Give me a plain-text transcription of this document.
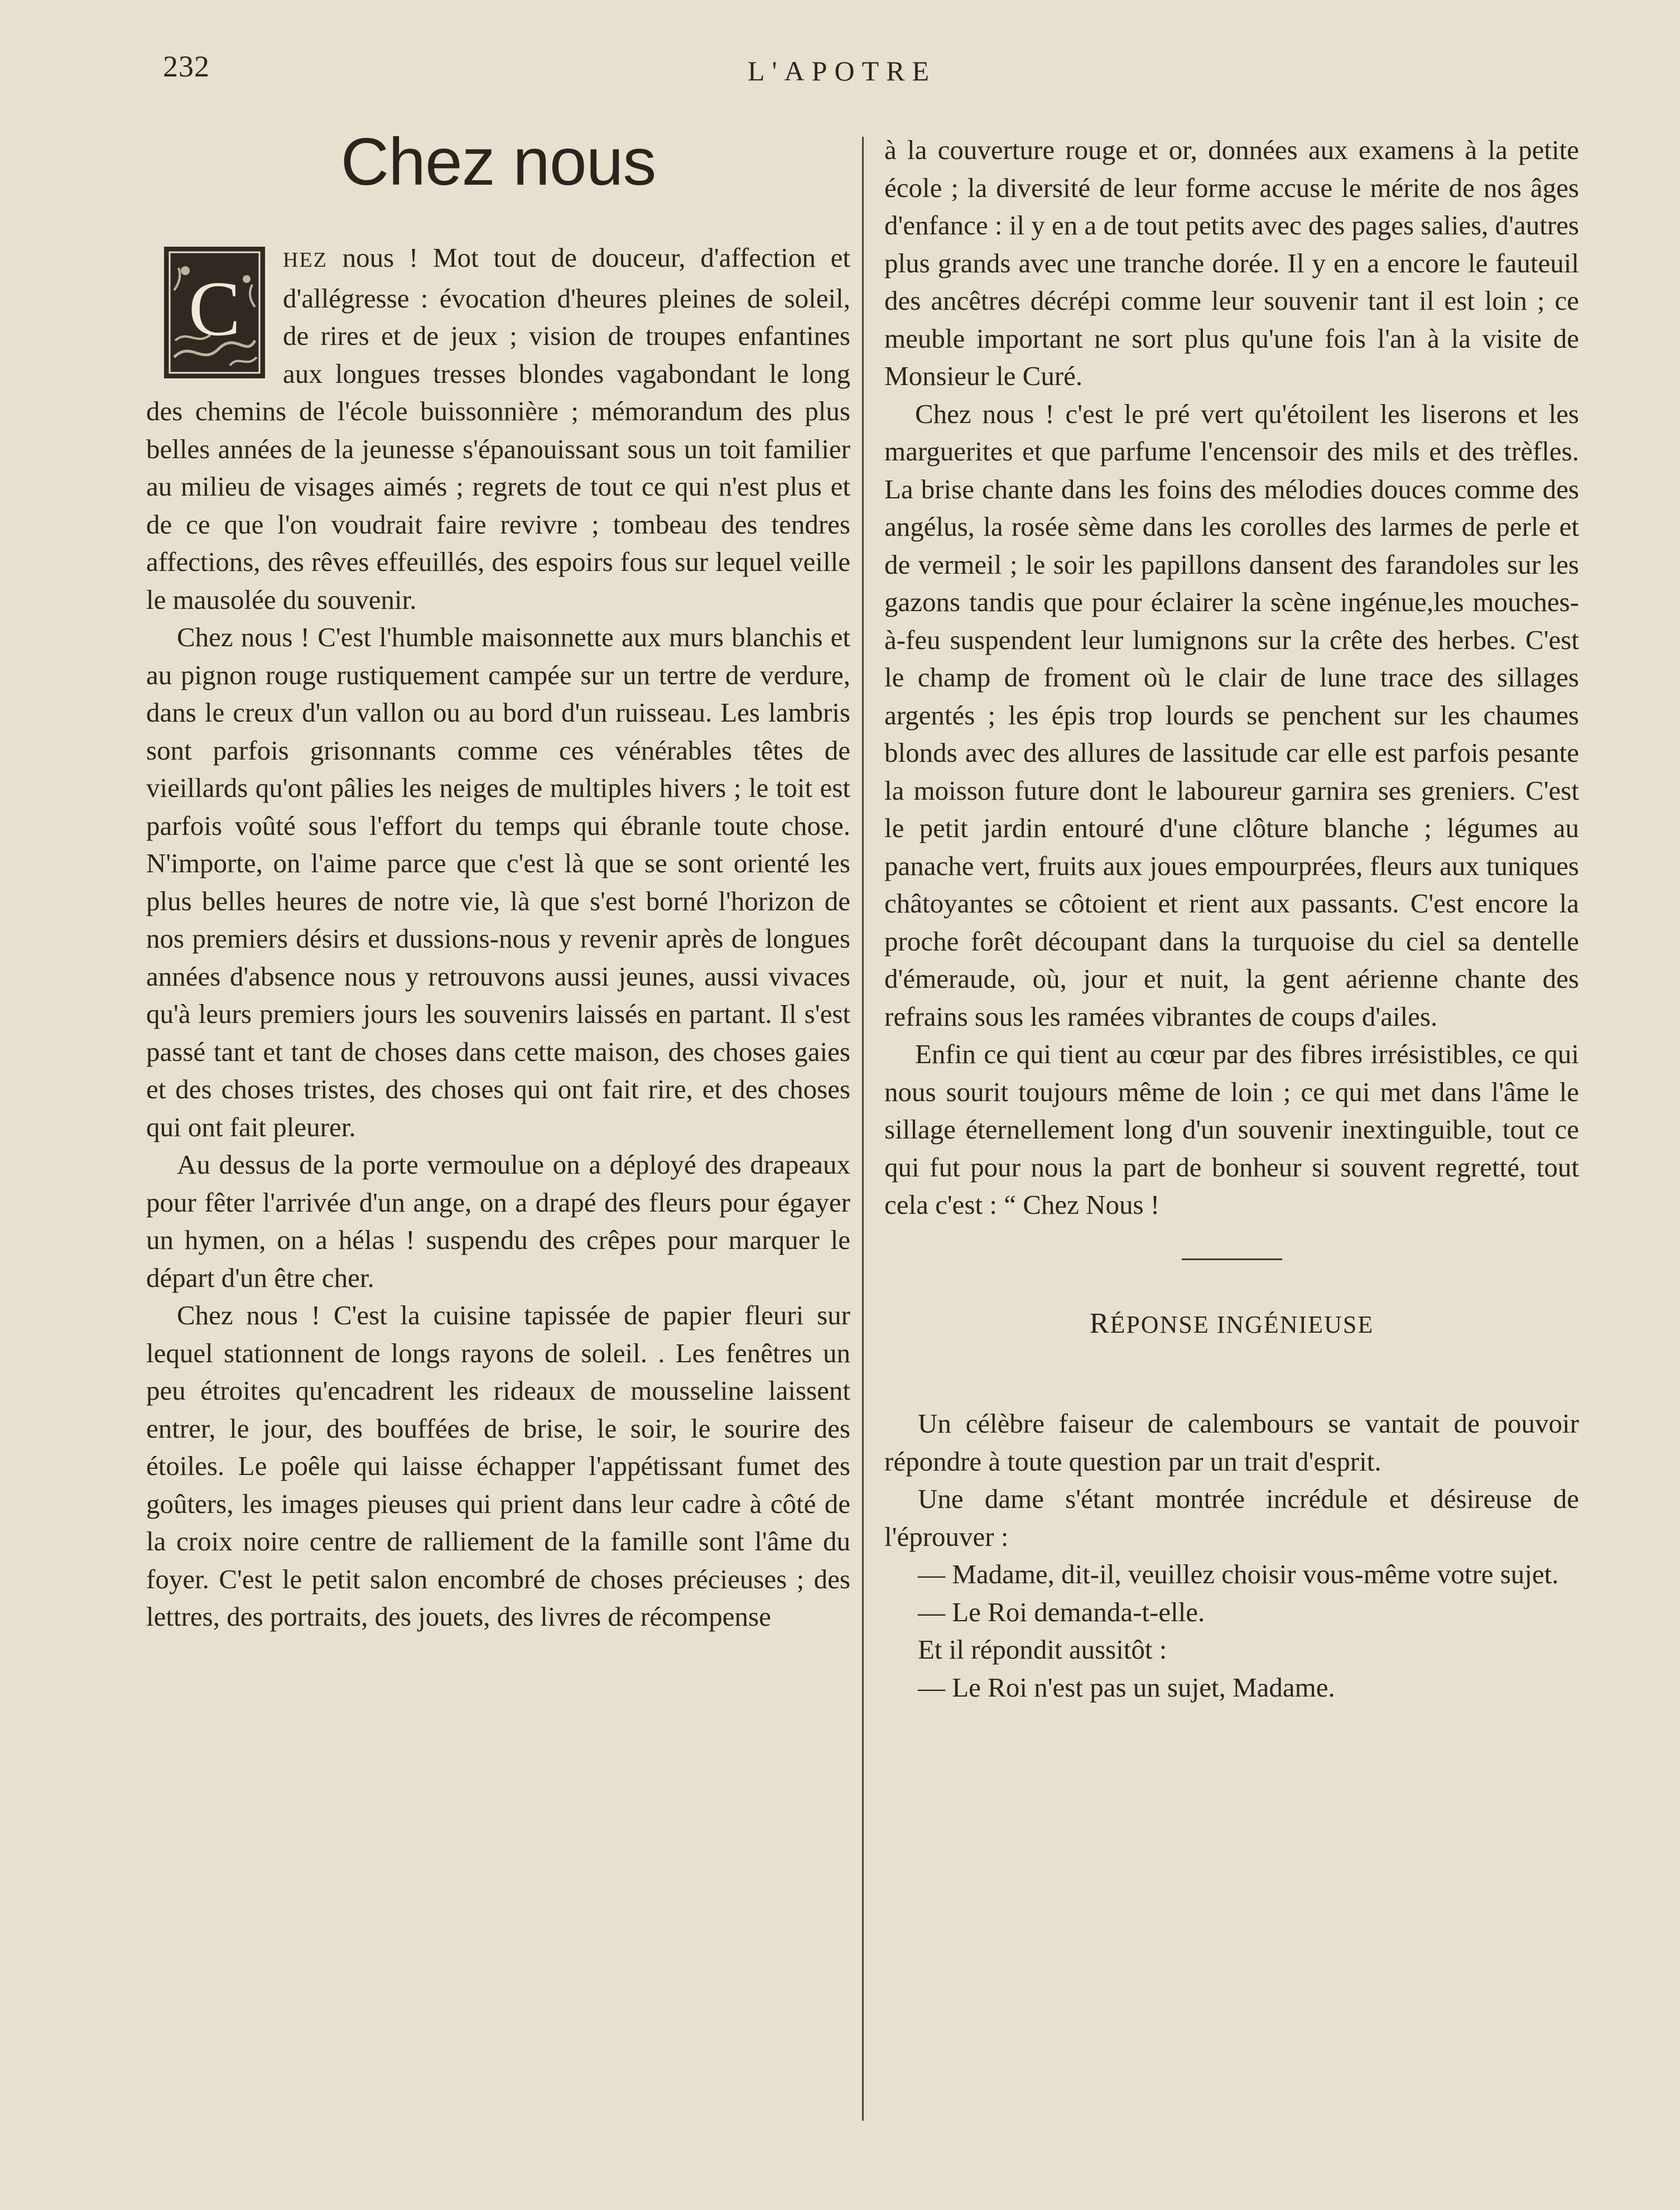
232	L'APOTRE
Chez nous

C
HEZ nous ! Mot tout de douceur, d'affection et d'allégresse : évocation d'heures pleines de soleil, de rires et de jeux ; vision de troupes enfantines aux longues tresses blondes vagabondant le long des chemins de l'école buissonnière ; mémorandum des plus belles années de la jeunesse s'épanouissant sous un toit familier au milieu de visages aimés ; regrets de tout ce qui n'est plus et de ce que l'on voudrait faire revivre ; tombeau des tendres affections, des rêves effeuillés, des espoirs fous sur lequel veille le mausolée du souvenir.

Chez nous ! C'est l'humble maisonnette aux murs blanchis et au pignon rouge rustiquement campée sur un tertre de verdure, dans le creux d'un vallon ou au bord d'un ruisseau. Les lambris sont parfois grisonnants comme ces vénérables têtes de vieillards qu'ont pâlies les neiges de multiples hivers ; le toit est parfois voûté sous l'effort du temps qui ébranle toute chose. N'importe, on l'aime parce que c'est là que se sont orienté les plus belles heures de notre vie, là que s'est borné l'horizon de nos premiers désirs et dussions-nous y revenir après de longues années d'absence nous y retrouvons aussi jeunes, aussi vivaces qu'à leurs premiers jours les souvenirs laissés en partant. Il s'est passé tant et tant de choses dans cette maison, des choses gaies et des choses tristes, des choses qui ont fait rire, et des choses qui ont fait pleurer.

Au dessus de la porte vermoulue on a déployé des drapeaux pour fêter l'arrivée d'un ange, on a drapé des fleurs pour égayer un hymen, on a hélas ! suspendu des crêpes pour marquer le départ d'un être cher.

Chez nous ! C'est la cuisine tapissée de papier fleuri sur lequel stationnent de longs rayons de soleil. . Les fenêtres un peu étroites qu'encadrent les rideaux de mousseline laissent entrer, le jour, des bouffées de brise, le soir, le sourire des étoiles. Le poêle qui laisse échapper l'appétissant fumet des goûters, les images pieuses qui prient dans leur cadre à côté de la croix noire centre de ralliement de la famille sont l'âme du foyer. C'est le petit salon encombré de choses précieuses ; des lettres, des portraits, des jouets, des livres de récompense

à la couverture rouge et or, données aux examens à la petite école ; la diversité de leur forme accuse le mérite de nos âges d'enfance : il y en a de tout petits avec des pages salies, d'autres plus grands avec une tranche dorée. Il y en a encore le fauteuil des ancêtres décrépi comme leur souvenir tant il est loin ; ce meuble important ne sort plus qu'une fois l'an à la visite de Monsieur le Curé.

Chez nous ! c'est le pré vert qu'étoilent les liserons et les marguerites et que parfume l'encensoir des mils et des trèfles. La brise chante dans les foins des mélodies douces comme des angélus, la rosée sème dans les corolles des larmes de perle et de vermeil ; le soir les papillons dansent des farandoles sur les gazons tandis que pour éclairer la scène ingénue,les mouches-à-feu suspendent leur lumignons sur la crête des herbes. C'est le champ de froment où le clair de lune trace des sillages argentés ; les épis trop lourds se penchent sur les chaumes blonds avec des allures de lassitude car elle est parfois pesante la moisson future dont le laboureur garnira ses greniers. C'est le petit jardin entouré d'une clôture blanche ; légumes au panache vert, fruits aux joues empourprées, fleurs aux tuniques châtoyantes se côtoient et rient aux passants. C'est encore la proche forêt découpant dans la turquoise du ciel sa dentelle d'émeraude, où, jour et nuit, la gent aérienne chante des refrains sous les ramées vibrantes de coups d'ailes.

Enfin ce qui tient au cœur par des fibres irrésistibles, ce qui nous sourit toujours même de loin ; ce qui met dans l'âme le sillage éternellement long d'un souvenir inextinguible, tout ce qui fut pour nous la part de bonheur si souvent regretté, tout cela c'est : “ Chez Nous !

RÉPONSE INGÉNIEUSE

Un célèbre faiseur de calembours se vantait de pouvoir répondre à toute question par un trait d'esprit.

Une dame s'étant montrée incrédule et désireuse de l'éprouver :

— Madame, dit-il, veuillez choisir vous-même votre sujet.

— Le Roi demanda-t-elle.

Et il répondit aussitôt :

— Le Roi n'est pas un sujet, Madame.
